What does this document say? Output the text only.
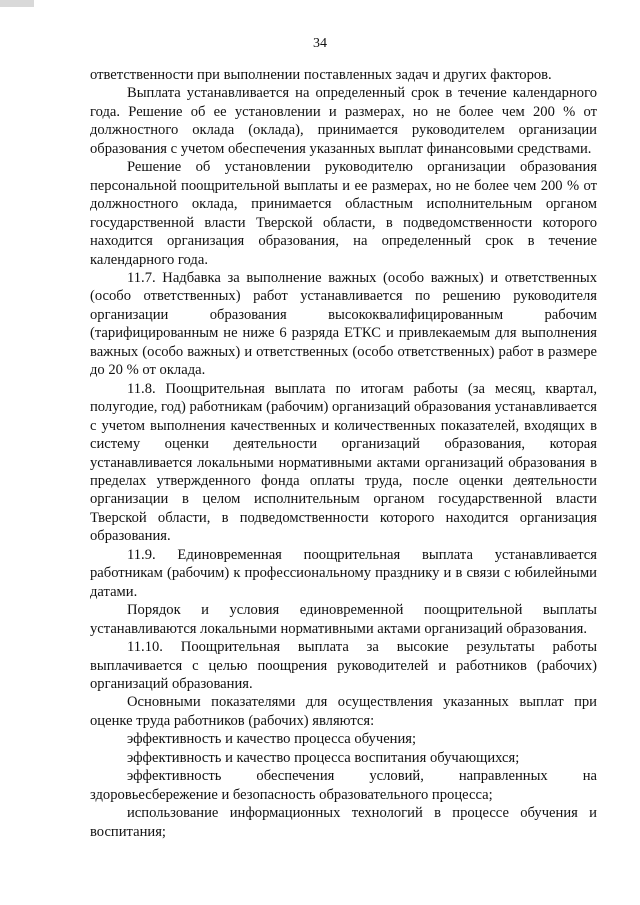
34

ответственности при выполнении поставленных задач и других факторов.

Выплата устанавливается на определенный срок в течение календарного года. Решение об ее установлении и размерах, но не более чем 200 % от должностного оклада (оклада), принимается руководителем организации образования с учетом обеспечения указанных выплат финансовыми средствами.

Решение об установлении руководителю организации образования персональной поощрительной выплаты и ее размерах, но не более чем 200 % от должностного оклада, принимается областным исполнительным органом государственной власти Тверской области, в подведомственности которого находится организация образования, на определенный срок в течение календарного года.

11.7. Надбавка за выполнение важных (особо важных) и ответственных (особо ответственных) работ устанавливается по решению руководителя организации образования высококвалифицированным рабочим (тарифицированным не ниже 6 разряда ЕТКС и привлекаемым для выполнения важных (особо важных) и ответственных (особо ответственных) работ в размере до 20 % от оклада.

11.8. Поощрительная выплата по итогам работы (за месяц, квартал, полугодие, год) работникам (рабочим) организаций образования устанавливается с учетом выполнения качественных и количественных показателей, входящих в систему оценки деятельности организаций образования, которая устанавливается локальными нормативными актами организаций образования в пределах утвержденного фонда оплаты труда, после оценки деятельности организации в целом исполнительным органом государственной власти Тверской области, в подведомственности которого находится организация образования.

11.9. Единовременная поощрительная выплата устанавливается работникам (рабочим) к профессиональному празднику и в связи с юбилейными датами.

Порядок и условия единовременной поощрительной выплаты устанавливаются локальными нормативными актами организаций образования.

11.10. Поощрительная выплата за высокие результаты работы выплачивается с целью поощрения руководителей и работников (рабочих) организаций образования.

Основными показателями для осуществления указанных выплат при оценке труда работников (рабочих) являются:

эффективность и качество процесса обучения;

эффективность и качество процесса воспитания обучающихся;

эффективность обеспечения условий, направленных на здоровьесбережение и безопасность образовательного процесса;

использование информационных технологий в процессе обучения и воспитания;
